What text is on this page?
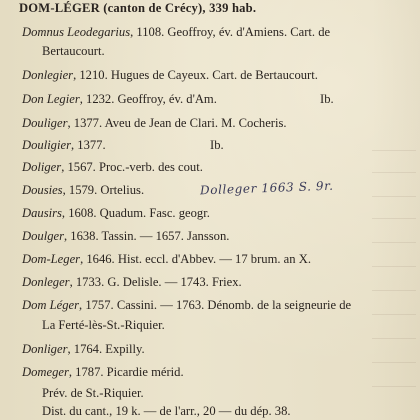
DOM-LÉGER (canton de Crécy), 339 hab.
Domnus Leodegarius, 1108. Geoffroy, év. d'Amiens. Cart. de
Bertaucourt.
Donlegier, 1210. Hugues de Cayeux. Cart. de Bertaucourt.
Don Legier, 1232. Geoffroy, év. d'Am.	Ib.
Douliger, 1377. Aveu de Jean de Clari. M. Cocheris.
Douligier, 1377.	Ib.
Doliger, 1567. Proc.-verb. des cout.
Dousies, 1579. Ortelius.	Dolleger 1663 S. 9r.
Dausirs, 1608. Quadum. Fasc. geogr.
Doulger, 1638. Tassin. — 1657. Jansson.
Dom-Leger, 1646. Hist. eccl. d'Abbev. — 17 brum. an X.
Donleger, 1733. G. Delisle. — 1743. Friex.
Dom Léger, 1757. Cassini. — 1763. Dénomb. de la seigneurie de
La Ferté-lès-St.-Riquier.
Donliger, 1764. Expilly.
Domeger, 1787. Picardie mérid.
Prév. de St.-Riquier.
Dist. du cant., 19 k. — de l'arr., 20 — du dép. 38.
